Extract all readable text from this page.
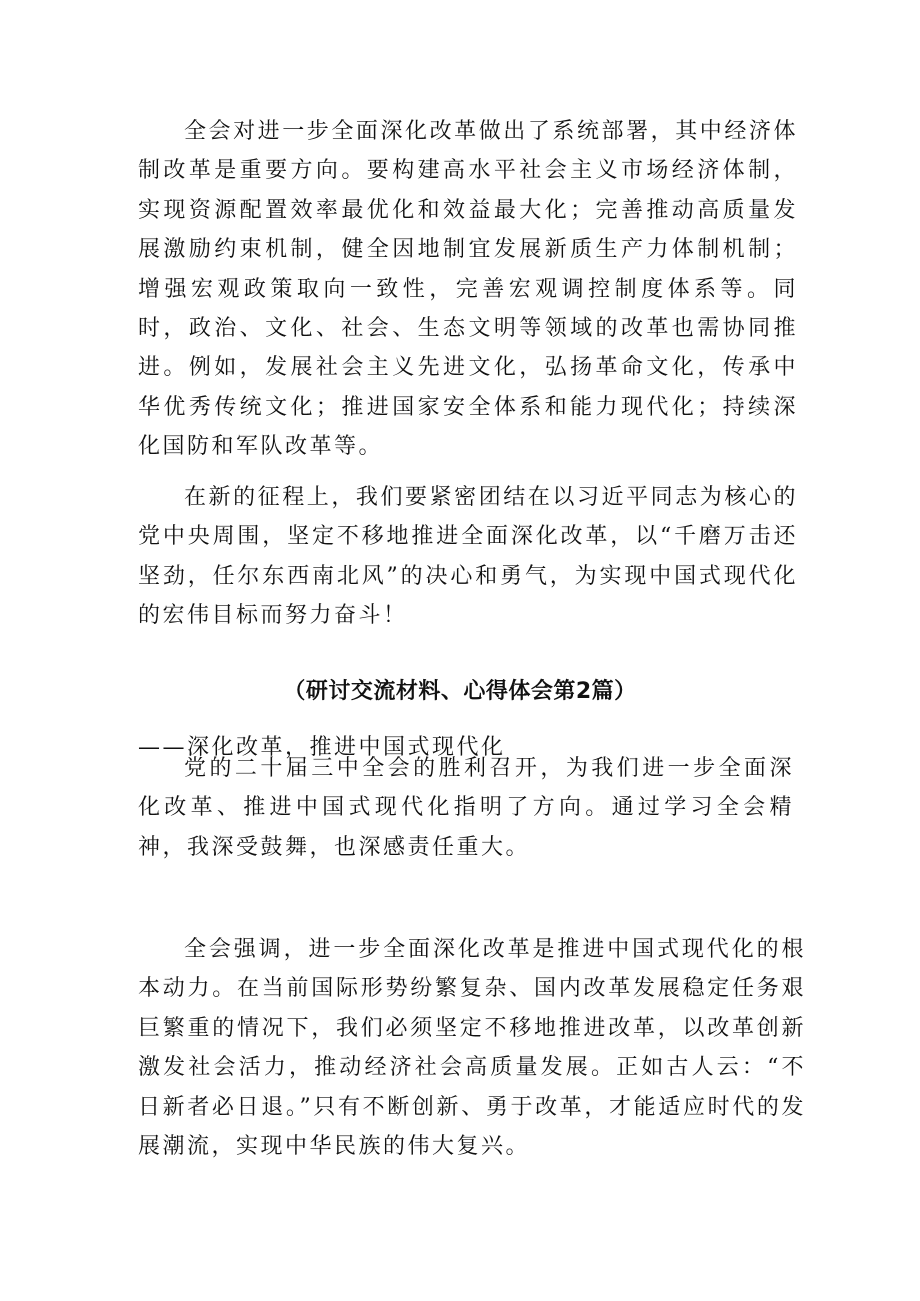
全会对进一步全面深化改革做出了系统部署，其中经济体制改革是重要方向。要构建高水平社会主义市场经济体制，实现资源配置效率最优化和效益最大化；完善推动高质量发展激励约束机制，健全因地制宜发展新质生产力体制机制；增强宏观政策取向一致性，完善宏观调控制度体系等。同时，政治、文化、社会、生态文明等领域的改革也需协同推进。例如，发展社会主义先进文化，弘扬革命文化，传承中华优秀传统文化；推进国家安全体系和能力现代化；持续深化国防和军队改革等。

在新的征程上，我们要紧密团结在以习近平同志为核心的党中央周围，坚定不移地推进全面深化改革，以“千磨万击还坚劲，任尔东西南北风”的决心和勇气，为实现中国式现代化的宏伟目标而努力奋斗！

（研讨交流材料、心得体会第2篇）

——深化改革，推进中国式现代化

党的二十届三中全会的胜利召开，为我们进一步全面深化改革、推进中国式现代化指明了方向。通过学习全会精神，我深受鼓舞，也深感责任重大。

全会强调，进一步全面深化改革是推进中国式现代化的根本动力。在当前国际形势纷繁复杂、国内改革发展稳定任务艰巨繁重的情况下，我们必须坚定不移地推进改革，以改革创新激发社会活力，推动经济社会高质量发展。正如古人云：“不日新者必日退。”只有不断创新、勇于改革，才能适应时代的发展潮流，实现中华民族的伟大复兴。
